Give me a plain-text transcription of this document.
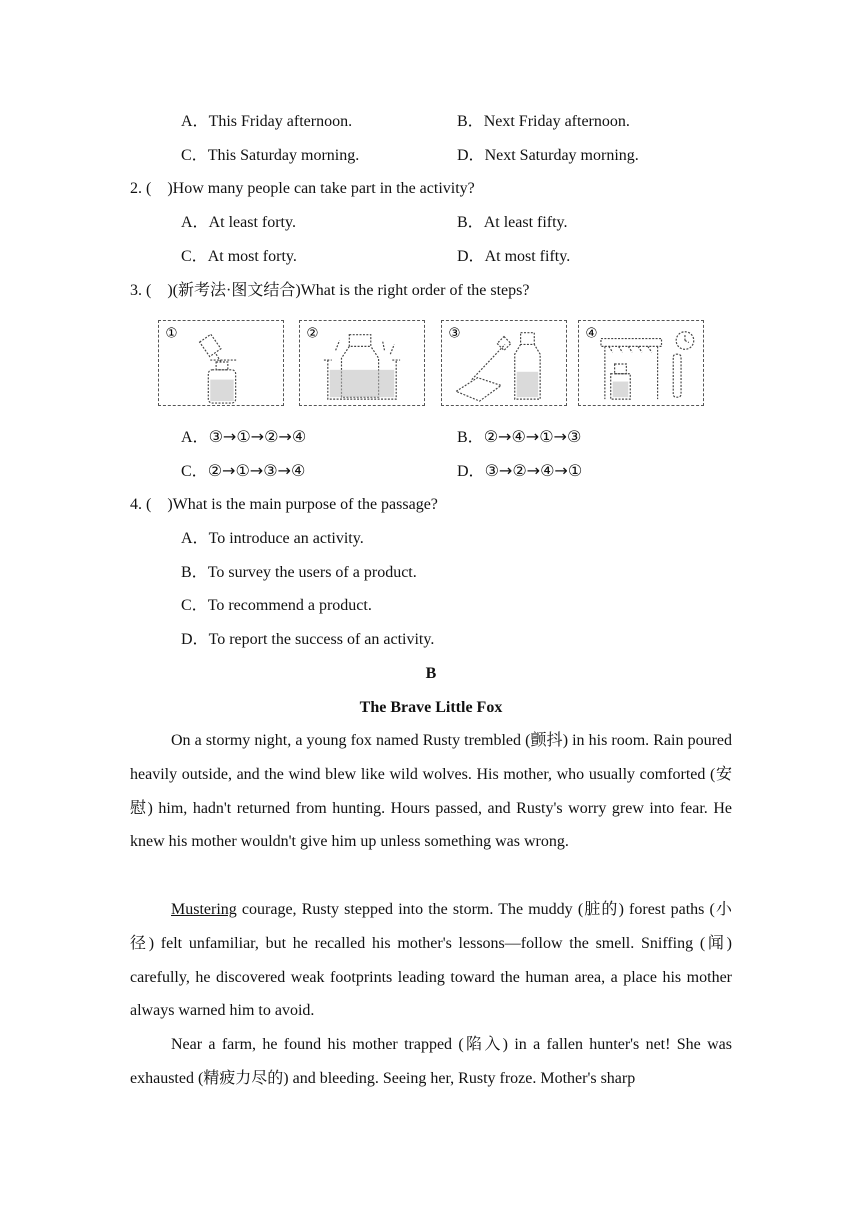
A．This Friday afternoon.	B．Next Friday afternoon.
C．This Saturday morning.	D．Next Saturday morning.
2. (　)How many people can take part in the activity?
A．At least forty.	B．At least fifty.
C．At most forty.	D．At most fifty.
3. (　)(新考法·图文结合)What is the right order of the steps?
①	②	③	④
A．③→①→②→④	B．②→④→①→③
C．②→①→③→④	D．③→②→④→①
4. (　)What is the main purpose of the passage?
A．To introduce an activity.
B．To survey the users of a product.
C．To recommend a product.
D．To report the success of an activity.
B
The Brave Little Fox
On a stormy night, a young fox named Rusty trembled (颤抖) in his room. Rain poured heavily outside, and the wind blew like wild wolves. His mother, who usually comforted (安慰) him, hadn't returned from hunting. Hours passed, and Rusty's worry grew into fear. He knew his mother wouldn't give him up unless something was wrong.
Mustering courage, Rusty stepped into the storm. The muddy (脏的) forest paths (小径) felt unfamiliar, but he recalled his mother's lessons—follow the smell. Sniffing (闻) carefully, he discovered weak footprints leading toward the human area, a place his mother always warned him to avoid.
Near a farm, he found his mother trapped (陷入) in a fallen hunter's net! She was exhausted (精疲力尽的) and bleeding. Seeing her, Rusty froze. Mother's sharp
